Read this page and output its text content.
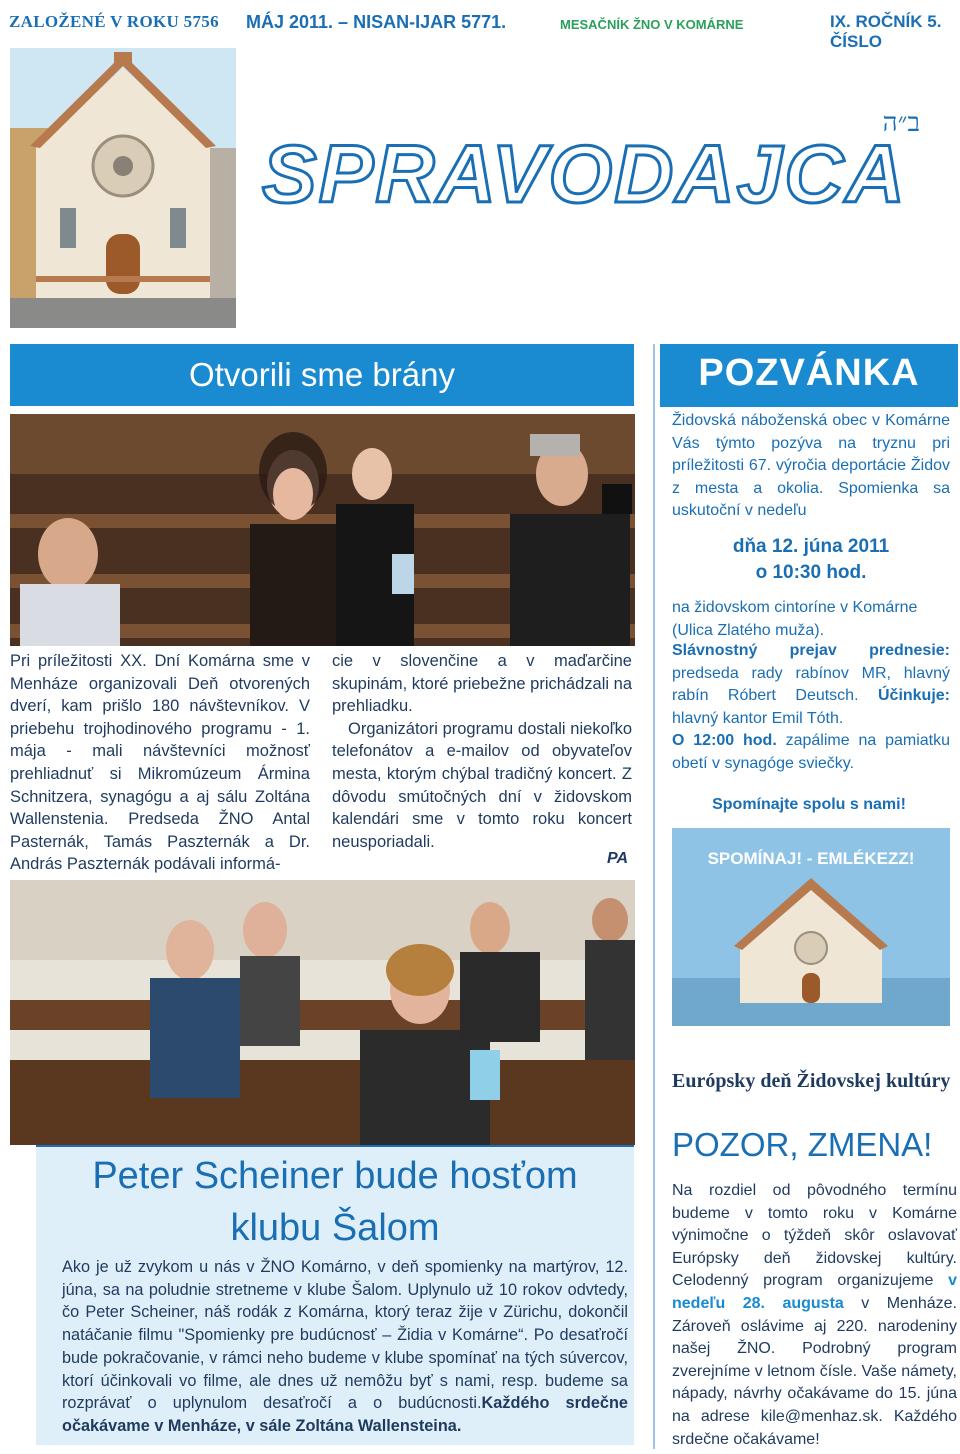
ZALOŽENÉ V ROKU 5756 MÁJ 2011. – NISAN-IJAR 5771.	MESAČNÍK ŽNO V KOMÁRNE	IX. ROČNÍK 5. ČÍSLO
ב״ה
SPRAVODAJCA
Otvorili sme brány
Pri príležitosti XX. Dní Komárna sme v Menháze organizovali Deň otvorených dverí, kam prišlo 180 návštevníkov. V priebehu trojhodinového programu - 1. mája - mali návštevníci možnosť prehliadnuť si Mikromúzeum Ármina Schnitzera, synagógu a aj sálu Zoltána Wallenstenia. Predseda ŽNO Antal Pasternák, Tamás Paszternák a Dr. András Paszternák podávali informá-

cie v slovenčine a v maďarčine skupinám, ktoré priebežne prichádzali na prehliadku.

Organizátori programu dostali niekoľko telefonátov a e-mailov od obyvateľov mesta, ktorým chýbal tradičný koncert. Z dôvodu smútočných dní v židovskom kalendári sme v tomto roku koncert neusporiadali.

PA
Peter Scheiner bude hosťom
klubu Šalom
Ako je už zvykom u nás v ŽNO Komárno, v deň spomienky na martýrov, 12. júna, sa na poludnie stretneme v klube Šalom. Uplynulo už 10 rokov odvtedy, čo Peter Scheiner, náš rodák z Komárna, ktorý teraz žije v Zürichu, dokončil natáčanie filmu "Spomienky pre budúcnosť – Židia v Komárne“. Po desaťročí bude pokračovanie, v rámci neho budeme v klube spomínať na tých súvercov, ktorí účinkovali vo filme, ale dnes už nemôžu byť s nami, resp. budeme sa rozprávať o uplynulom desaťročí a o budúcnosti.Každého srdečne očakávame v Menháze, v sále Zoltána Wallensteina.
POZVÁNKA
Židovská náboženská obec v Komárne Vás týmto pozýva na tryznu pri príležitosti 67. výročia deportácie Židov z mesta a okolia. Spomienka sa uskutoční v nedeľu
dňa 12. júna 2011
o 10:30 hod.
na židovskom cintoríne v Komárne (Ulica Zlatého muža).
Slávnostný prejav prednesie: predseda rady rabínov MR, hlavný rabín Róbert Deutsch. Účinkuje: hlavný kantor Emil Tóth.
O 12:00 hod. zapálime na pamiatku obetí v synagóge sviečky.
Spomínajte spolu s nami!
SPOMÍNAJ! - EMLÉKEZZ!
Európsky deň Židovskej kultúry
POZOR, ZMENA!
Na rozdiel od pôvodného termínu budeme v tomto roku v Komárne výnimočne o týždeň skôr oslavovať Európsky deň židovskej kultúry. Celodenný program organizujeme v nedeľu 28. augusta v Menháze. Zároveň oslávime aj 220. narodeniny našej ŽNO. Podrobný program zverejníme v letnom čísle. Vaše námety, nápady, návrhy očakávame do 15. júna na adrese kile@menhaz.sk. Každého srdečne očakávame!
